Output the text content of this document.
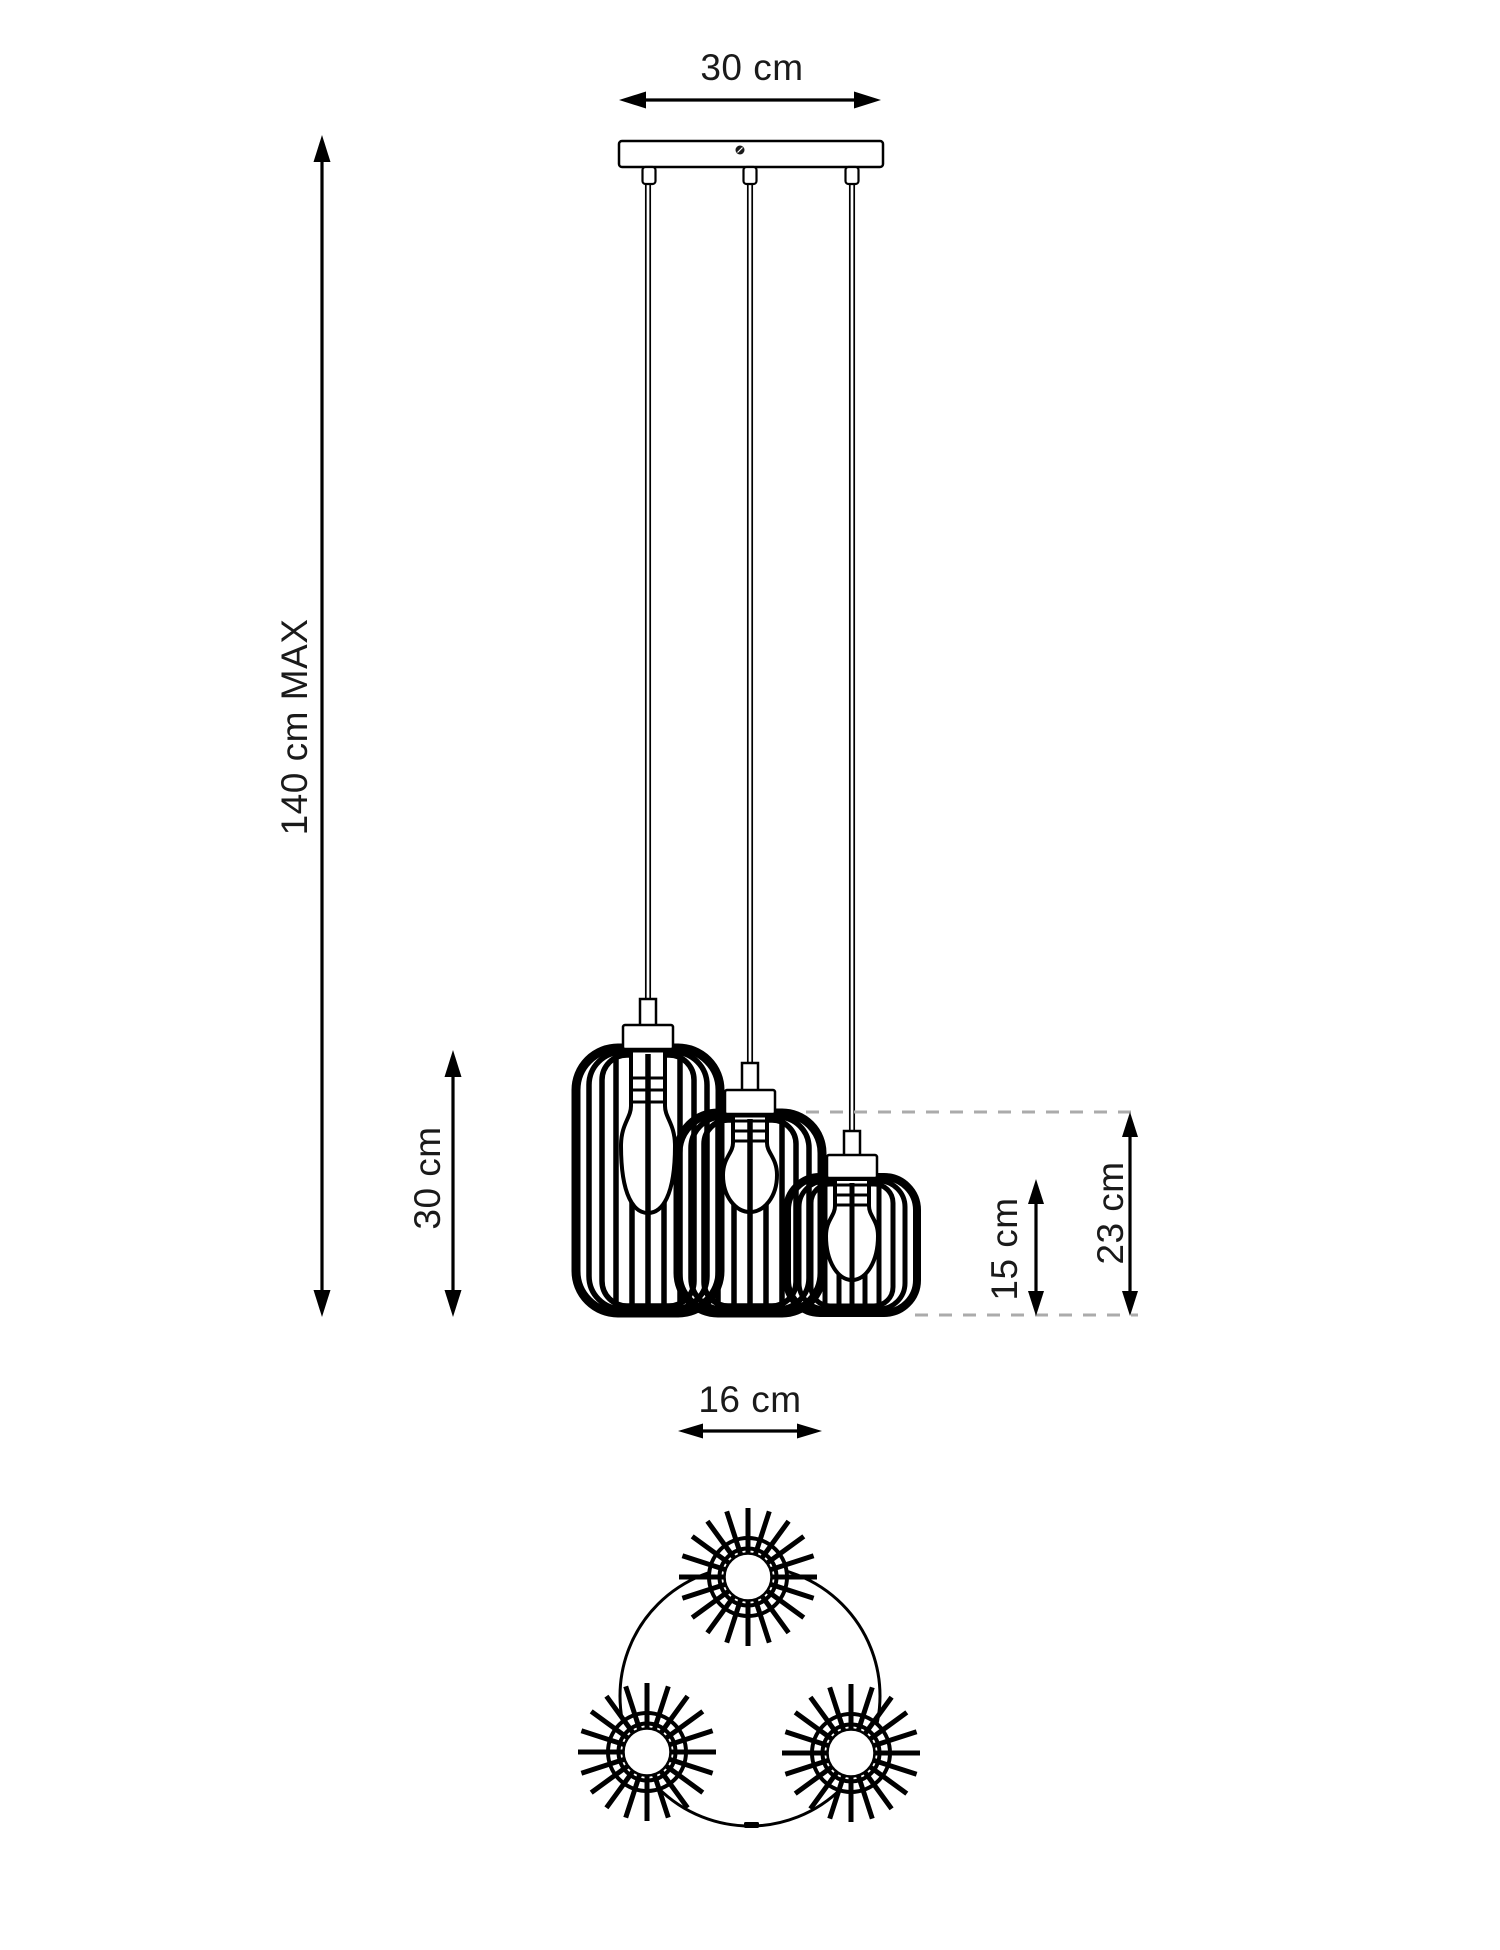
30 cm
140 cm MAX
30 cm
15 cm 23 cm
16 cm
